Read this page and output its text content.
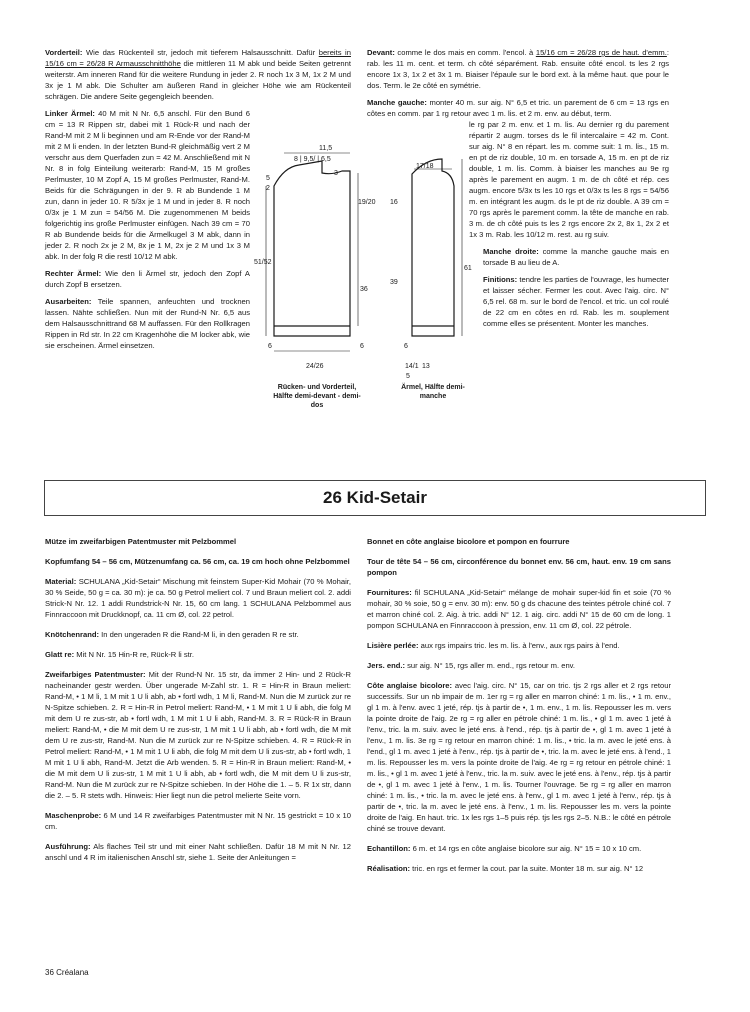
Vorderteil: Wie das Rückenteil str, jedoch mit tieferem Halsausschnitt. Dafür bereits in 15/16 cm = 26/28 R Armausschnitthöhe die mittleren 11 M abk und beide Seiten getrennt weiterstr. Am inneren Rand für die weitere Rundung in jeder 2. R noch 1x 3 M, 1x 2 M und 3x je 1 M abk. Die Schulter am äußeren Rand in gleicher Höhe wie am Rückenteil schrägen. Die andere Seite gegengleich beenden.

Linker Ärmel: 40 M mit N Nr. 6,5 anschl. Für den Bund 6 cm = 13 R Rippen str, dabei mit 1 Rück-R und nach der Rand-M mit 2 M li beginnen und am R-Ende vor der Rand-M mit 2 M li enden. In der letzten Bund-R gleichmäßig vert 2 M verschr aus dem Querfaden zun = 42 M. Anschließend mit N Nr. 8 in folg Einteilung weiterarb: Rand-M, 15 M großes Perlmuster, 10 M Zopf A, 15 M großes Perlmuster, Rand-M. Beids für die Schrägungen in der 9. R ab Bundende 1 M zun, dann in jeder 10. R 5/3x je 1 M und in jeder 8. R noch 0/3x je 1 M zun = 54/56 M. Die zugenommenen M beids folgerichtig ins große Perlmuster einfügen. Nach 39 cm = 70 R ab Bundende beids für die Ärmelkugel 3 M abk, dann in jeder 2. R noch 2x je 2 M, 8x je 1 M, 2x je 2 M und 1x 3 M abk. In der folg R die restl 10/12 M abk.

Rechter Ärmel: Wie den li Ärmel str, jedoch den Zopf A durch Zopf B ersetzen.

Ausarbeiten: Teile spannen, anfeuchten und trocknen lassen. Nähte schließen. Nun mit der Rund-N Nr. 6,5 aus dem Halsausschnittrand 68 M auffassen. Für den Rollkragen Rippen in Rd str. In 22 cm Kragenhöhe die M locker abk, wie sie erscheinen. Ärmel einsetzen.

Devant: comme le dos mais en comm. l'encol. à 15/16 cm = 26/28 rgs de haut. d'emm.: rab. les 11 m. cent. et term. ch côté séparément. Rab. ensuite côté encol. ts les 2 rgs encore 1x 3, 1x 2 et 3x 1 m. Biaiser l'épaule sur le bord ext. à la même haut. que pour le dos. Term. le 2e côté en symétrie.

Manche gauche: monter 40 m. sur aig. N° 6,5 et tric. un parement de 6 cm = 13 rgs en côtes en comm. par 1 rg retour avec 1 m. lis. et 2 m. env. au début, term.

le rg par 2 m. env. et 1 m. lis. Au dernier rg du parement répartir 2 augm. torses ds le fil intercalaire = 42 m. Cont. sur aig. N° 8 en répart. les m. comme suit: 1 m. lis., 15 m. en pt de riz double, 10 m. en torsade A, 15 m. en pt de riz double, 1 m. lis. Comm. à biaiser les manches au 9e rg après le parement en augm. 1 m. de ch côté et rép. ces augm. encore 5/3x ts les 10 rgs et 0/3x ts les 8 rgs = 54/56 m. en intégrant les augm. ds le pt de riz double. A 39 cm = 70 rgs après le parement comm. la tête de manche en rab. 3 m. de ch côté puis ts les 2 rgs encore 2x 2, 8x 1, 2x 2 et 1x 3 m. Rab. les 10/12 m. rest. au rg suiv.

Manche droite: comme la manche gauche mais en torsade B au lieu de A.

Finitions: tendre les parties de l'ouvrage, les humecter et laisser sécher. Fermer les cout. Avec l'aig. circ. N° 6,5 rel. 68 m. sur le bord de l'encol. et tric. un col roulé de 22 cm en côtes en rd. Rab. les m. souplement comme elles se présentent. Monter les manches.

11,5
8 | 9,5/ | 6,5
3
5
2
19/20
51/52
36
6	6
24/26
Rücken- und Vorderteil, Hälfte demi-devant - demi-dos
17/18
16
39
61
6
14/1 13
5
Ärmel, Hälfte demi-manche
26 Kid-Setair

Mütze im zweifarbigen Patentmuster mit Pelzbommel

Kopfumfang 54 – 56 cm, Mützenumfang ca. 56 cm, ca. 19 cm hoch ohne Pelzbommel

Material: SCHULANA „Kid-Setair“ Mischung mit feinstem Super-Kid Mohair (70 % Mohair, 30 % Seide, 50 g = ca. 30 m): je ca. 50 g Petrol meliert col. 7 und Braun meliert col. 2. addi Strick-N Nr. 12. 1 addi Rundstrick-N Nr. 15, 60 cm lang. 1 SCHULANA Pelzbommel aus Finnraccoon mit Druckknopf, ca. 11 cm Ø, col. 22 petrol.

Knötchenrand: In den ungeraden R die Rand-M li, in den geraden R re str.

Glatt re: Mit N Nr. 15 Hin-R re, Rück-R li str.

Zweifarbiges Patentmuster: Mit der Rund-N Nr. 15 str, da immer 2 Hin- und 2 Rück-R nacheinander gestr werden. Über ungerade M-Zahl str. 1. R = Hin-R in Braun meliert: Rand-M, • 1 M li, 1 M mit 1 U li abh, ab • fortl wdh, 1 M li, Rand-M. Nun die M zurück zur re N-Spitze schieben. 2. R = Hin-R in Petrol meliert: Rand-M, • 1 M mit 1 U li abh, die folg M mit dem U re zus-str, ab • fortl wdh, 1 M mit 1 U li abh, Rand-M. 3. R = Rück-R in Braun meliert: Rand-M, • die M mit dem U re zus-str, 1 M mit 1 U li abh, ab • fortl wdh, die M mit dem U re zus-str, Rand-M. Nun die M zurück zur re N-Spitze schieben. 4. R = Rück-R in Petrol meliert: Rand-M, • 1 M mit 1 U li abh, die folg M mit dem U li zus-str, ab • fortl wdh, 1 M mit 1 U li abh, Rand-M. Jetzt die Arb wenden. 5. R = Hin-R in Braun meliert: Rand-M, • die M mit dem U li zus-str, 1 M mit 1 U li abh, ab • fortl wdh, die M mit dem U li zus-str, Rand-M. Nun die M zurück zur re N-Spitze schieben. In der Höhe die 1. – 5. R 1x str, dann die 2. – 5. R stets wdh. Hinweis: Hier liegt nun die petrol melierte Seite vorn.

Maschenprobe: 6 M und 14 R zweifarbiges Patentmuster mit N Nr. 15 gestrickt = 10 x 10 cm.

Ausführung: Als flaches Teil str und mit einer Naht schließen. Dafür 18 M mit N Nr. 12 anschl und 4 R im italienischen Anschl str, siehe 1. Seite der Anleitungen =

Bonnet en côte anglaise bicolore et pompon en fourrure

Tour de tête 54 – 56 cm, circonférence du bonnet env. 56 cm, haut. env. 19 cm sans pompon

Fournitures: fil SCHULANA „Kid-Setair“ mélange de mohair super-kid fin et soie (70 % mohair, 30 % soie, 50 g = env. 30 m): env. 50 g ds chacune des teintes pétrole chiné col. 7 et marron chiné col. 2. Aig. à tric. addi N° 12. 1 aig. circ. addi N° 15 de 60 cm de long. 1 pompon SCHULANA en Finnraccoon à pression, env. 11 cm Ø, col. 22 pétrole.

Lisière perlée: aux rgs impairs tric. les m. lis. à l'env., aux rgs pairs à l'end.

Jers. end.: sur aig. N° 15, rgs aller m. end., rgs retour m. env.

Côte anglaise bicolore: avec l'aig. circ. N° 15, car on tric. tjs 2 rgs aller et 2 rgs retour successifs. Sur un nb impair de m. 1er rg = rg aller en marron chiné: 1 m. lis., • 1 m. env., gl 1 m. à l'env. avec 1 jeté, rép. tjs à partir de •, 1 m. env., 1 m. lis. Repousser les m. vers la pointe droite de l'aig. 2e rg = rg aller en pétrole chiné: 1 m. lis., • gl 1 m. avec 1 jeté à l'env., tric. la m. suiv. avec le jeté ens. à l'end., rép. tjs à partir de •, gl 1 m. avec 1 jeté à l'env., 1 m. lis. 3e rg = rg retour en marron chiné: 1 m. lis., • tric. la m. avec le jeté ens. à l'end., gl 1 m. avec 1 jeté à l'env., rép. tjs à partir de •, tric. la m. avec le jeté ens. à l'end., 1 m. lis. Repousser les m. vers la pointe droite de l'aig. 4e rg = rg retour en pétrole chiné: 1 m. lis., • gl 1 m. avec 1 jeté à l'env., tric. la m. suiv. avec le jeté ens. à l'env., rép. tjs à partir de •, gl 1 m. avec 1 jeté à l'env., 1 m. lis. Tourner l'ouvrage. 5e rg = rg aller en marron chiné: 1 m. lis., • tric. la m. avec le jeté ens. à l'env., gl 1 m. avec 1 jeté à l'env., rép. tjs à partir de •, tric. la m. avec le jeté ens. à l'env., 1 m. lis. Repousser les m. vers la pointe droite de l'aig. En haut. tric. 1x les rgs 1–5 puis rép. tjs les rgs 2–5. N.B.: le côté en pétrole chiné se trouve devant.

Echantillon: 6 m. et 14 rgs en côte anglaise bicolore sur aig. N° 15 = 10 x 10 cm.

Réalisation: tric. en rgs et fermer la cout. par la suite. Monter 18 m. sur aig. N° 12

36 Créalana
